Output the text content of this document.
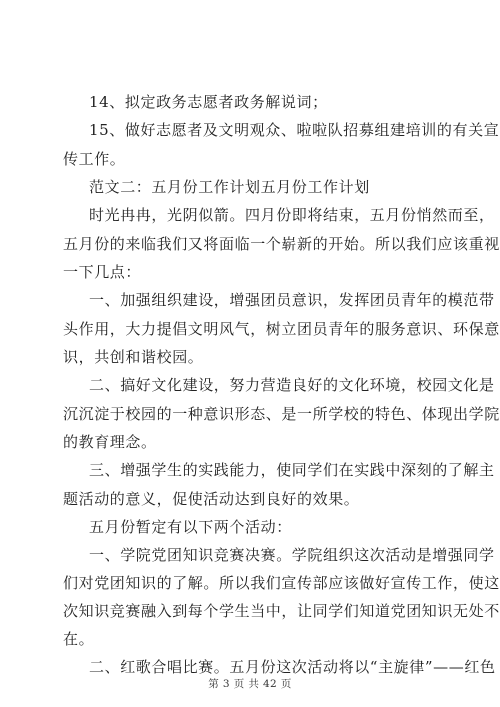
14、拟定政务志愿者政务解说词；
15、做好志愿者及文明观众、啦啦队招募组建培训的有关宣
传工作。
范文二：五月份工作计划五月份工作计划
时光冉冉，光阴似箭。四月份即将结束，五月份悄然而至，
五月份的来临我们又将面临一个崭新的开始。所以我们应该重视
一下几点：
一、加强组织建设，增强团员意识，发挥团员青年的模范带
头作用，大力提倡文明风气，树立团员青年的服务意识、环保意
识，共创和谐校园。
二、搞好文化建设，努力营造良好的文化环境，校园文化是
沉沉淀于校园的一种意识形态、是一所学校的特色、体现出学院
的教育理念。
三、增强学生的实践能力，使同学们在实践中深刻的了解主
题活动的意义，促使活动达到良好的效果。
五月份暂定有以下两个活动：
一、学院党团知识竞赛决赛。学院组织这次活动是增强同学
们对党团知识的了解。所以我们宣传部应该做好宣传工作，使这
次知识竞赛融入到每个学生当中，让同学们知道党团知识无处不
在。
二、红歌合唱比赛。五月份这次活动将以“主旋律”——红色
第 3 页 共 42 页
